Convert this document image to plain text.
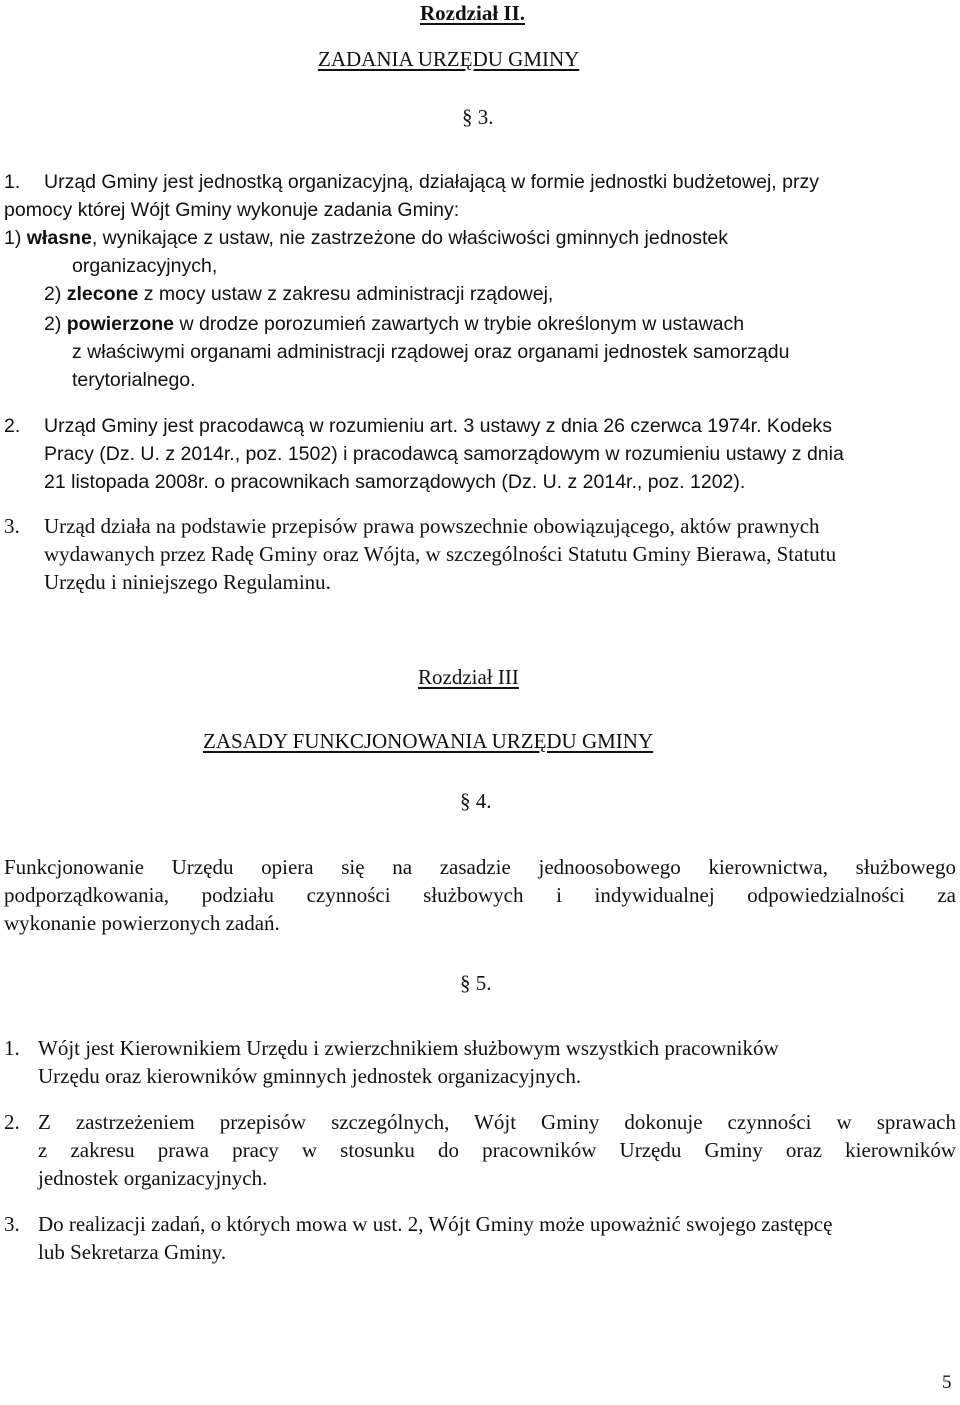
Rozdział II.
ZADANIA URZĘDU GMINY
§ 3.
1. Urząd Gminy jest jednostką organizacyjną, działającą w formie jednostki budżetowej, przy
pomocy której Wójt Gminy wykonuje zadania Gminy:
1) własne, wynikające z ustaw, nie zastrzeżone do właściwości gminnych jednostek
organizacyjnych,
2) zlecone z mocy ustaw z zakresu administracji rządowej,
2) powierzone w drodze porozumień zawartych w trybie określonym w ustawach
z właściwymi organami administracji rządowej oraz organami jednostek samorządu
terytorialnego.
2. Urząd Gminy jest pracodawcą w rozumieniu art. 3 ustawy z dnia 26 czerwca 1974r. Kodeks
Pracy (Dz. U. z 2014r., poz. 1502) i pracodawcą samorządowym w rozumieniu ustawy z dnia
21 listopada 2008r. o pracownikach samorządowych (Dz. U. z 2014r., poz. 1202).
3. Urząd działa na podstawie przepisów prawa powszechnie obowiązującego, aktów prawnych
wydawanych przez Radę Gminy oraz Wójta, w szczególności Statutu Gminy Bierawa, Statutu
Urzędu i niniejszego Regulaminu.
Rozdział III
ZASADY FUNKCJONOWANIA URZĘDU GMINY
§ 4.
Funkcjonowanie Urzędu opiera się na zasadzie jednoosobowego kierownictwa, służbowego
podporządkowania, podziału czynności służbowych i indywidualnej odpowiedzialności za
wykonanie powierzonych zadań.
§ 5.
1. Wójt jest Kierownikiem Urzędu i zwierzchnikiem służbowym wszystkich pracowników
Urzędu oraz kierowników gminnych jednostek organizacyjnych.
2. Z zastrzeżeniem przepisów szczególnych, Wójt Gminy dokonuje czynności w sprawach
z zakresu prawa pracy w stosunku do pracowników Urzędu Gminy oraz kierowników
jednostek organizacyjnych.
3. Do realizacji zadań, o których mowa w ust. 2, Wójt Gminy może upoważnić swojego zastępcę
lub Sekretarza Gminy.
5
